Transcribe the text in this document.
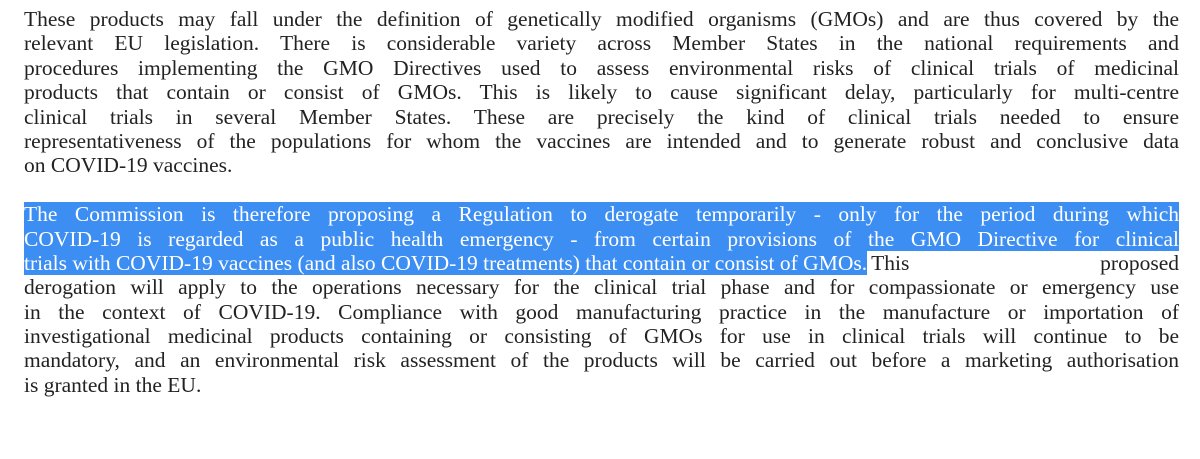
These products may fall under the definition of genetically modified organisms (GMOs) and are thus covered by the
relevant EU legislation. There is considerable variety across Member States in the national requirements and
procedures implementing the GMO Directives used to assess environmental risks of clinical trials of medicinal
products that contain or consist of GMOs. This is likely to cause significant delay, particularly for multi-centre
clinical trials in several Member States. These are precisely the kind of clinical trials needed to ensure
representativeness of the populations for whom the vaccines are intended and to generate robust and conclusive data
on COVID-19 vaccines.
The Commission is therefore proposing a Regulation to derogate temporarily - only for the period during which
COVID-19 is regarded as a public health emergency - from certain provisions of the GMO Directive for clinical
trials with COVID-19 vaccines (and also COVID-19 treatments) that contain or consist of GMOs. This proposed
derogation will apply to the operations necessary for the clinical trial phase and for compassionate or emergency use
in the context of COVID-19. Compliance with good manufacturing practice in the manufacture or importation of
investigational medicinal products containing or consisting of GMOs for use in clinical trials will continue to be
mandatory, and an environmental risk assessment of the products will be carried out before a marketing authorisation
is granted in the EU.
